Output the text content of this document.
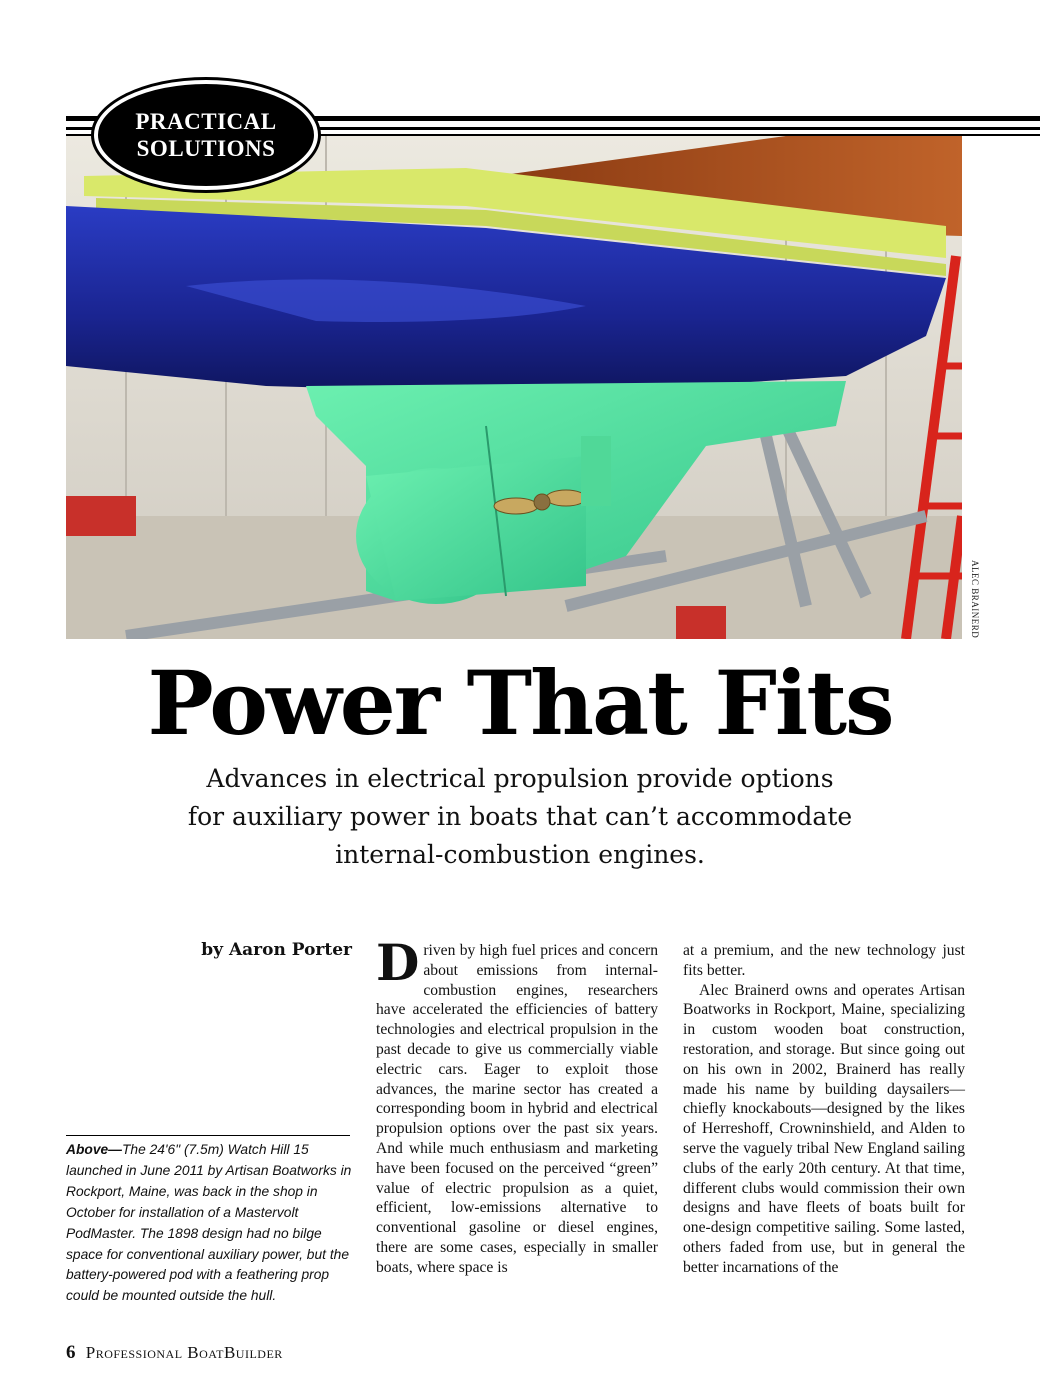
ALEC BRAINERD
PRACTICAL
SOLUTIONS
Power That Fits
Advances in electrical propulsion provide options
for auxiliary power in boats that can’t accommodate
internal-combustion engines.
by Aaron Porter
Above—The 24'6" (7.5m) Watch Hill 15 launched in June 2011 by Artisan Boatworks in Rockport, Maine, was back in the shop in October for installation of a Mastervolt PodMaster. The 1898 design had no bilge space for conventional auxiliary power, but the battery-powered pod with a feathering prop could be mounted outside the hull.

Driven by high fuel prices and concern about emissions from internal-combustion engines, researchers have accelerated the efficiencies of battery technologies and electrical propulsion in the past decade to give us commercially viable electric cars. Eager to exploit those advances, the marine sector has created a corresponding boom in hybrid and electrical propulsion options over the past six years. And while much enthusiasm and marketing have been focused on the perceived “green” value of electric propulsion as a quiet, efficient, low-emissions alternative to conventional gasoline or diesel engines, there are some cases, especially in smaller boats, where space is

at a premium, and the new technology just fits better.

Alec Brainerd owns and operates Artisan Boatworks in Rockport, Maine, specializing in custom wooden boat construction, restoration, and storage. But since going out on his own in 2002, Brainerd has really made his name by building daysailers—chiefly knockabouts—designed by the likes of Herreshoff, Crowninshield, and Alden to serve the vaguely tribal New England sailing clubs of the early 20th century. At that time, different clubs would commission their own designs and have fleets of boats built for one-design competitive sailing. Some lasted, others faded from use, but in general the better incarnations of the

6 Professional BoatBuilder
